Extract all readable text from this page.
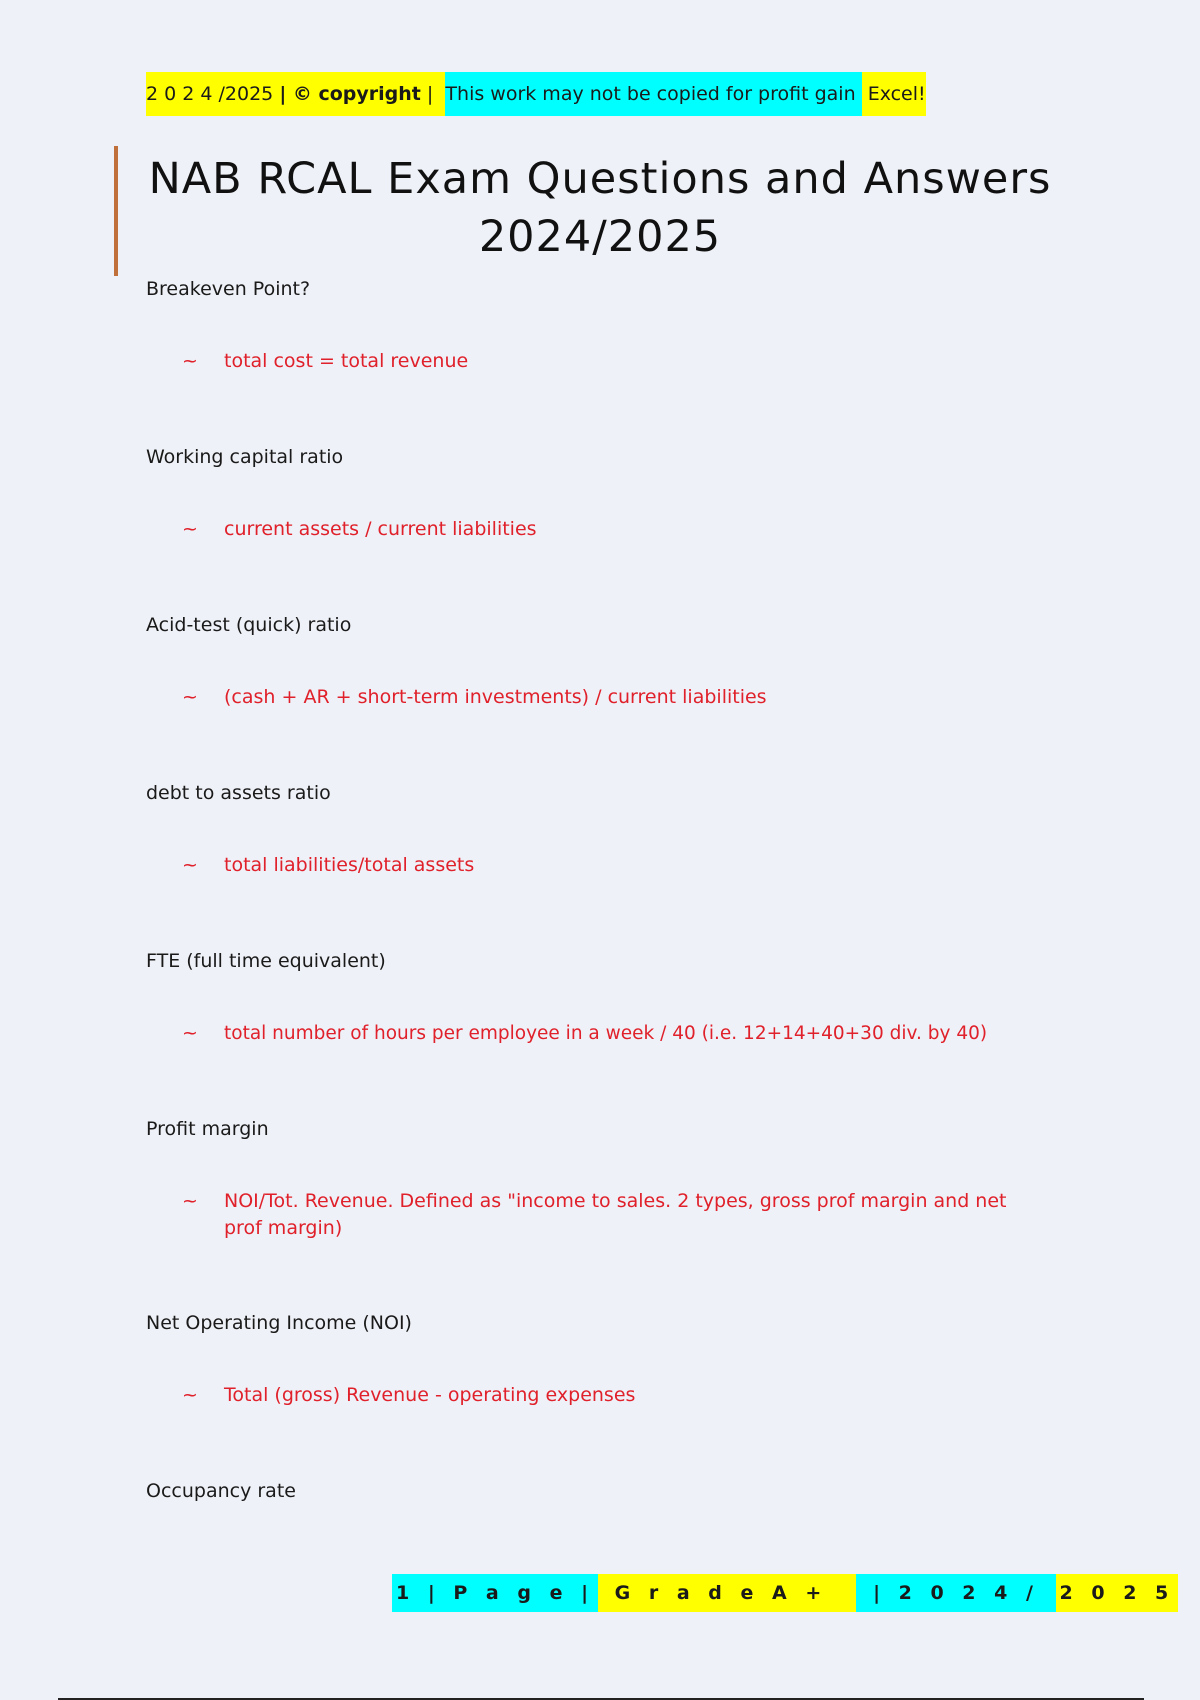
2 0 2 4 /2025 | © copyright | This work may not be copied for profit gain Excel!
NAB RCAL Exam Questions and Answers
2024/2025
Breakeven Point?
~	total cost = total revenue
Working capital ratio
~	current assets / current liabilities
Acid-test (quick) ratio
~	(cash + AR + short-term investments) / current liabilities
debt to assets ratio
~	total liabilities/total assets
FTE (full time equivalent)
~	total number of hours per employee in a week / 40 (i.e. 12+14+40+30 div. by 40)
Profit margin
~	NOI/Tot. Revenue. Defined as "income to sales. 2 types, gross prof margin and net prof margin)
Net Operating Income (NOI)
~	Total (gross) Revenue - operating expenses
Occupancy rate
1 | P a g e | G r a d e A + | 2 0 2 4 / 2 0 2 5
